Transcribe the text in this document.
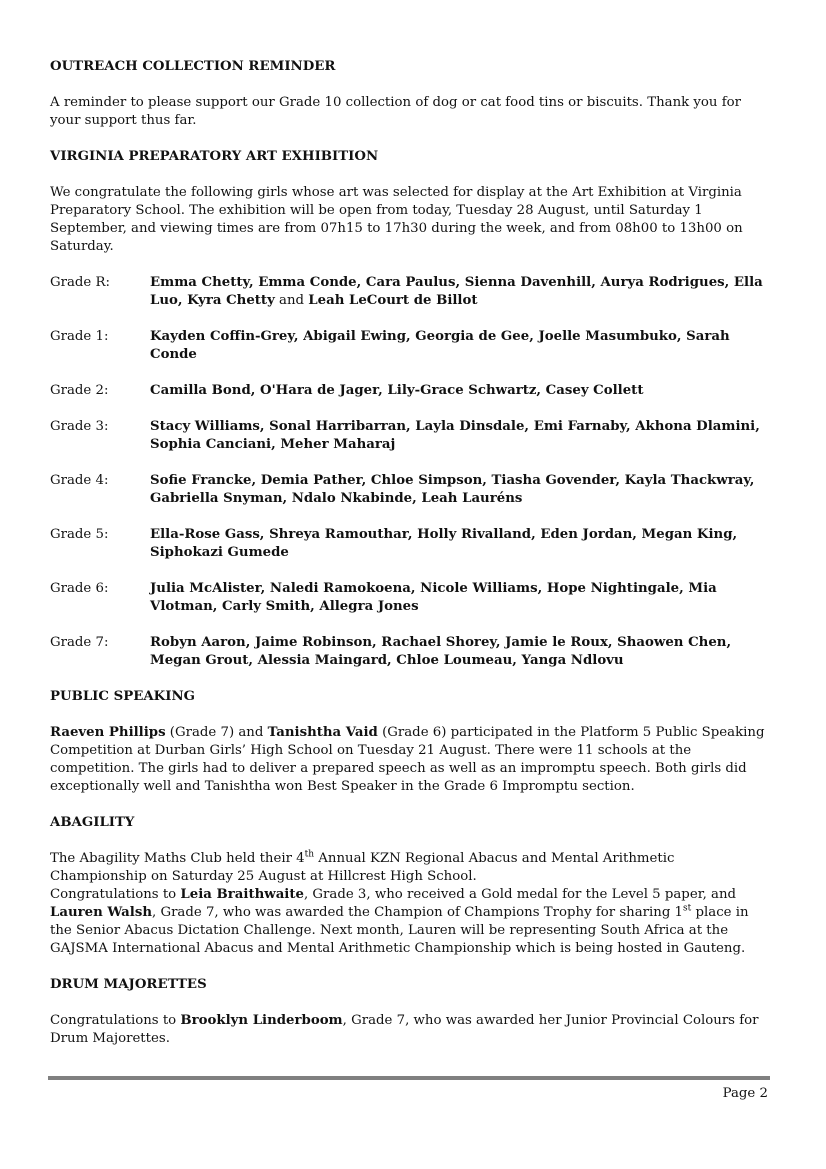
OUTREACH COLLECTION REMINDER

A reminder to please support our Grade 10 collection of dog or cat food tins or biscuits. Thank you for your support thus far.

VIRGINIA PREPARATORY ART EXHIBITION

We congratulate the following girls whose art was selected for display at the Art Exhibition at Virginia Preparatory School. The exhibition will be open from today, Tuesday 28 August, until Saturday 1 September, and viewing times are from 07h15 to 17h30 during the week, and from 08h00 to 13h00 on Saturday.

Grade R:	Emma Chetty, Emma Conde, Cara Paulus, Sienna Davenhill, Aurya Rodrigues, Ella Luo, Kyra Chetty and Leah LeCourt de Billot
Grade 1:	Kayden Coffin-Grey, Abigail Ewing, Georgia de Gee, Joelle Masumbuko, Sarah Conde
Grade 2:	Camilla Bond, O'Hara de Jager, Lily-Grace Schwartz, Casey Collett
Grade 3:	Stacy Williams, Sonal Harribarran, Layla Dinsdale, Emi Farnaby, Akhona Dlamini, Sophia Canciani, Meher Maharaj
Grade 4:	Sofie Francke, Demia Pather, Chloe Simpson, Tiasha Govender, Kayla Thackwray, Gabriella Snyman, Ndalo Nkabinde, Leah Lauréns
Grade 5:	Ella-Rose Gass, Shreya Ramouthar, Holly Rivalland, Eden Jordan, Megan King, Siphokazi Gumede
Grade 6:	Julia McAlister, Naledi Ramokoena, Nicole Williams, Hope Nightingale, Mia Vlotman, Carly Smith, Allegra Jones
Grade 7:	Robyn Aaron, Jaime Robinson, Rachael Shorey, Jamie le Roux, Shaowen Chen, Megan Grout, Alessia Maingard, Chloe Loumeau, Yanga Ndlovu
PUBLIC SPEAKING

Raeven Phillips (Grade 7) and Tanishtha Vaid (Grade 6) participated in the Platform 5 Public Speaking Competition at Durban Girls’ High School on Tuesday 21 August. There were 11 schools at the competition. The girls had to deliver a prepared speech as well as an impromptu speech. Both girls did exceptionally well and Tanishtha won Best Speaker in the Grade 6 Impromptu section.

ABAGILITY

The Abagility Maths Club held their 4th Annual KZN Regional Abacus and Mental Arithmetic Championship on Saturday 25 August at Hillcrest High School.

Congratulations to Leia Braithwaite, Grade 3, who received a Gold medal for the Level 5 paper, and Lauren Walsh, Grade 7, who was awarded the Champion of Champions Trophy for sharing 1st place in the Senior Abacus Dictation Challenge. Next month, Lauren will be representing South Africa at the GAJSMA International Abacus and Mental Arithmetic Championship which is being hosted in Gauteng.

DRUM MAJORETTES

Congratulations to Brooklyn Linderboom, Grade 7, who was awarded her Junior Provincial Colours for Drum Majorettes.

Page 2
